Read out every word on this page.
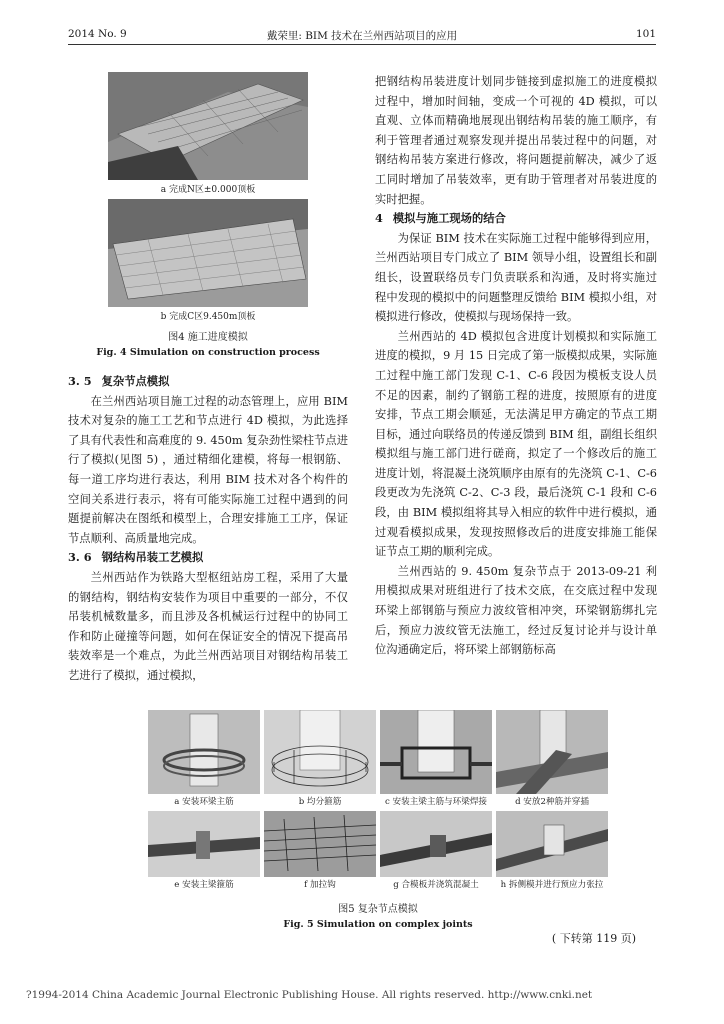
2014 No. 9	戴荣里: BIM 技术在兰州西站项目的应用	101
a 完成N区±0.000顶板
b 完成C区9.450m顶板
图4 施工进度模拟
Fig. 4 Simulation on construction process
3. 5 复杂节点模拟

在兰州西站项目施工过程的动态管理上，应用 BIM 技术对复杂的施工工艺和节点进行 4D 模拟，为此选择了具有代表性和高难度的 9. 450m 复杂劲性梁柱节点进行了模拟(见图 5) ，通过精细化建模，将每一根钢筋、每一道工序均进行表达，利用 BIM 技术对各个构件的空间关系进行表示，将有可能实际施工过程中遇到的问题提前解决在图纸和模型上，合理安排施工工序，保证节点顺利、高质量地完成。

3. 6 钢结构吊装工艺模拟

兰州西站作为铁路大型枢纽站房工程，采用了大量的钢结构，钢结构安装作为项目中重要的一部分，不仅吊装机械数量多，而且涉及各机械运行过程中的协同工作和防止碰撞等问题，如何在保证安全的情况下提高吊装效率是一个难点，为此兰州西站项目对钢结构吊装工艺进行了模拟，通过模拟，

把钢结构吊装进度计划同步链接到虚拟施工的进度模拟过程中，增加时间轴，变成一个可视的 4D 模拟，可以直观、立体而精确地展现出钢结构吊装的施工顺序，有利于管理者通过观察发现并提出吊装过程中的问题，对钢结构吊装方案进行修改，将问题提前解决，减少了返工同时增加了吊装效率，更有助于管理者对吊装进度的实时把握。

4 模拟与施工现场的结合

为保证 BIM 技术在实际施工过程中能够得到应用，兰州西站项目专门成立了 BIM 领导小组，设置组长和副组长，设置联络员专门负责联系和沟通，及时将实施过程中发现的模拟中的问题整理反馈给 BIM 模拟小组，对模拟进行修改，使模拟与现场保持一致。

兰州西站的 4D 模拟包含进度计划模拟和实际施工进度的模拟，9 月 15 日完成了第一版模拟成果，实际施工过程中施工部门发现 C-1、C-6 段因为模板支设人员不足的因素，制约了钢筋工程的进度，按照原有的进度安排，节点工期会顺延，无法满足甲方确定的节点工期目标，通过向联络员的传递反馈到 BIM 组，副组长组织模拟组与施工部门进行磋商，拟定了一个修改后的施工进度计划，将混凝土浇筑顺序由原有的先浇筑 C-1、C-6 段更改为先浇筑 C-2、C-3 段，最后浇筑 C-1 段和 C-6 段，由 BIM 模拟组将其导入相应的软件中进行模拟，通过观看模拟成果，发现按照修改后的进度安排施工能保证节点工期的顺利完成。

兰州西站的 9. 450m 复杂节点于 2013-09-21 利用模拟成果对班组进行了技术交底，在交底过程中发现环梁上部钢筋与预应力波纹管相冲突，环梁钢筋绑扎完后，预应力波纹管无法施工，经过反复讨论并与设计单位沟通确定后，将环梁上部钢筋标高

a 安装环梁主筋	b 均分箍筋	c 安装主梁主筋与环梁焊接	d 安放2种筋并穿插
e 安装主梁箍筋	f 加拉钩	g 合模板并浇筑混凝土	h 拆侧模并进行预应力张拉
图5 复杂节点模拟
Fig. 5 Simulation on complex joints
( 下转第 119 页)
?1994-2014 China Academic Journal Electronic Publishing House. All rights reserved. http://www.cnki.net
